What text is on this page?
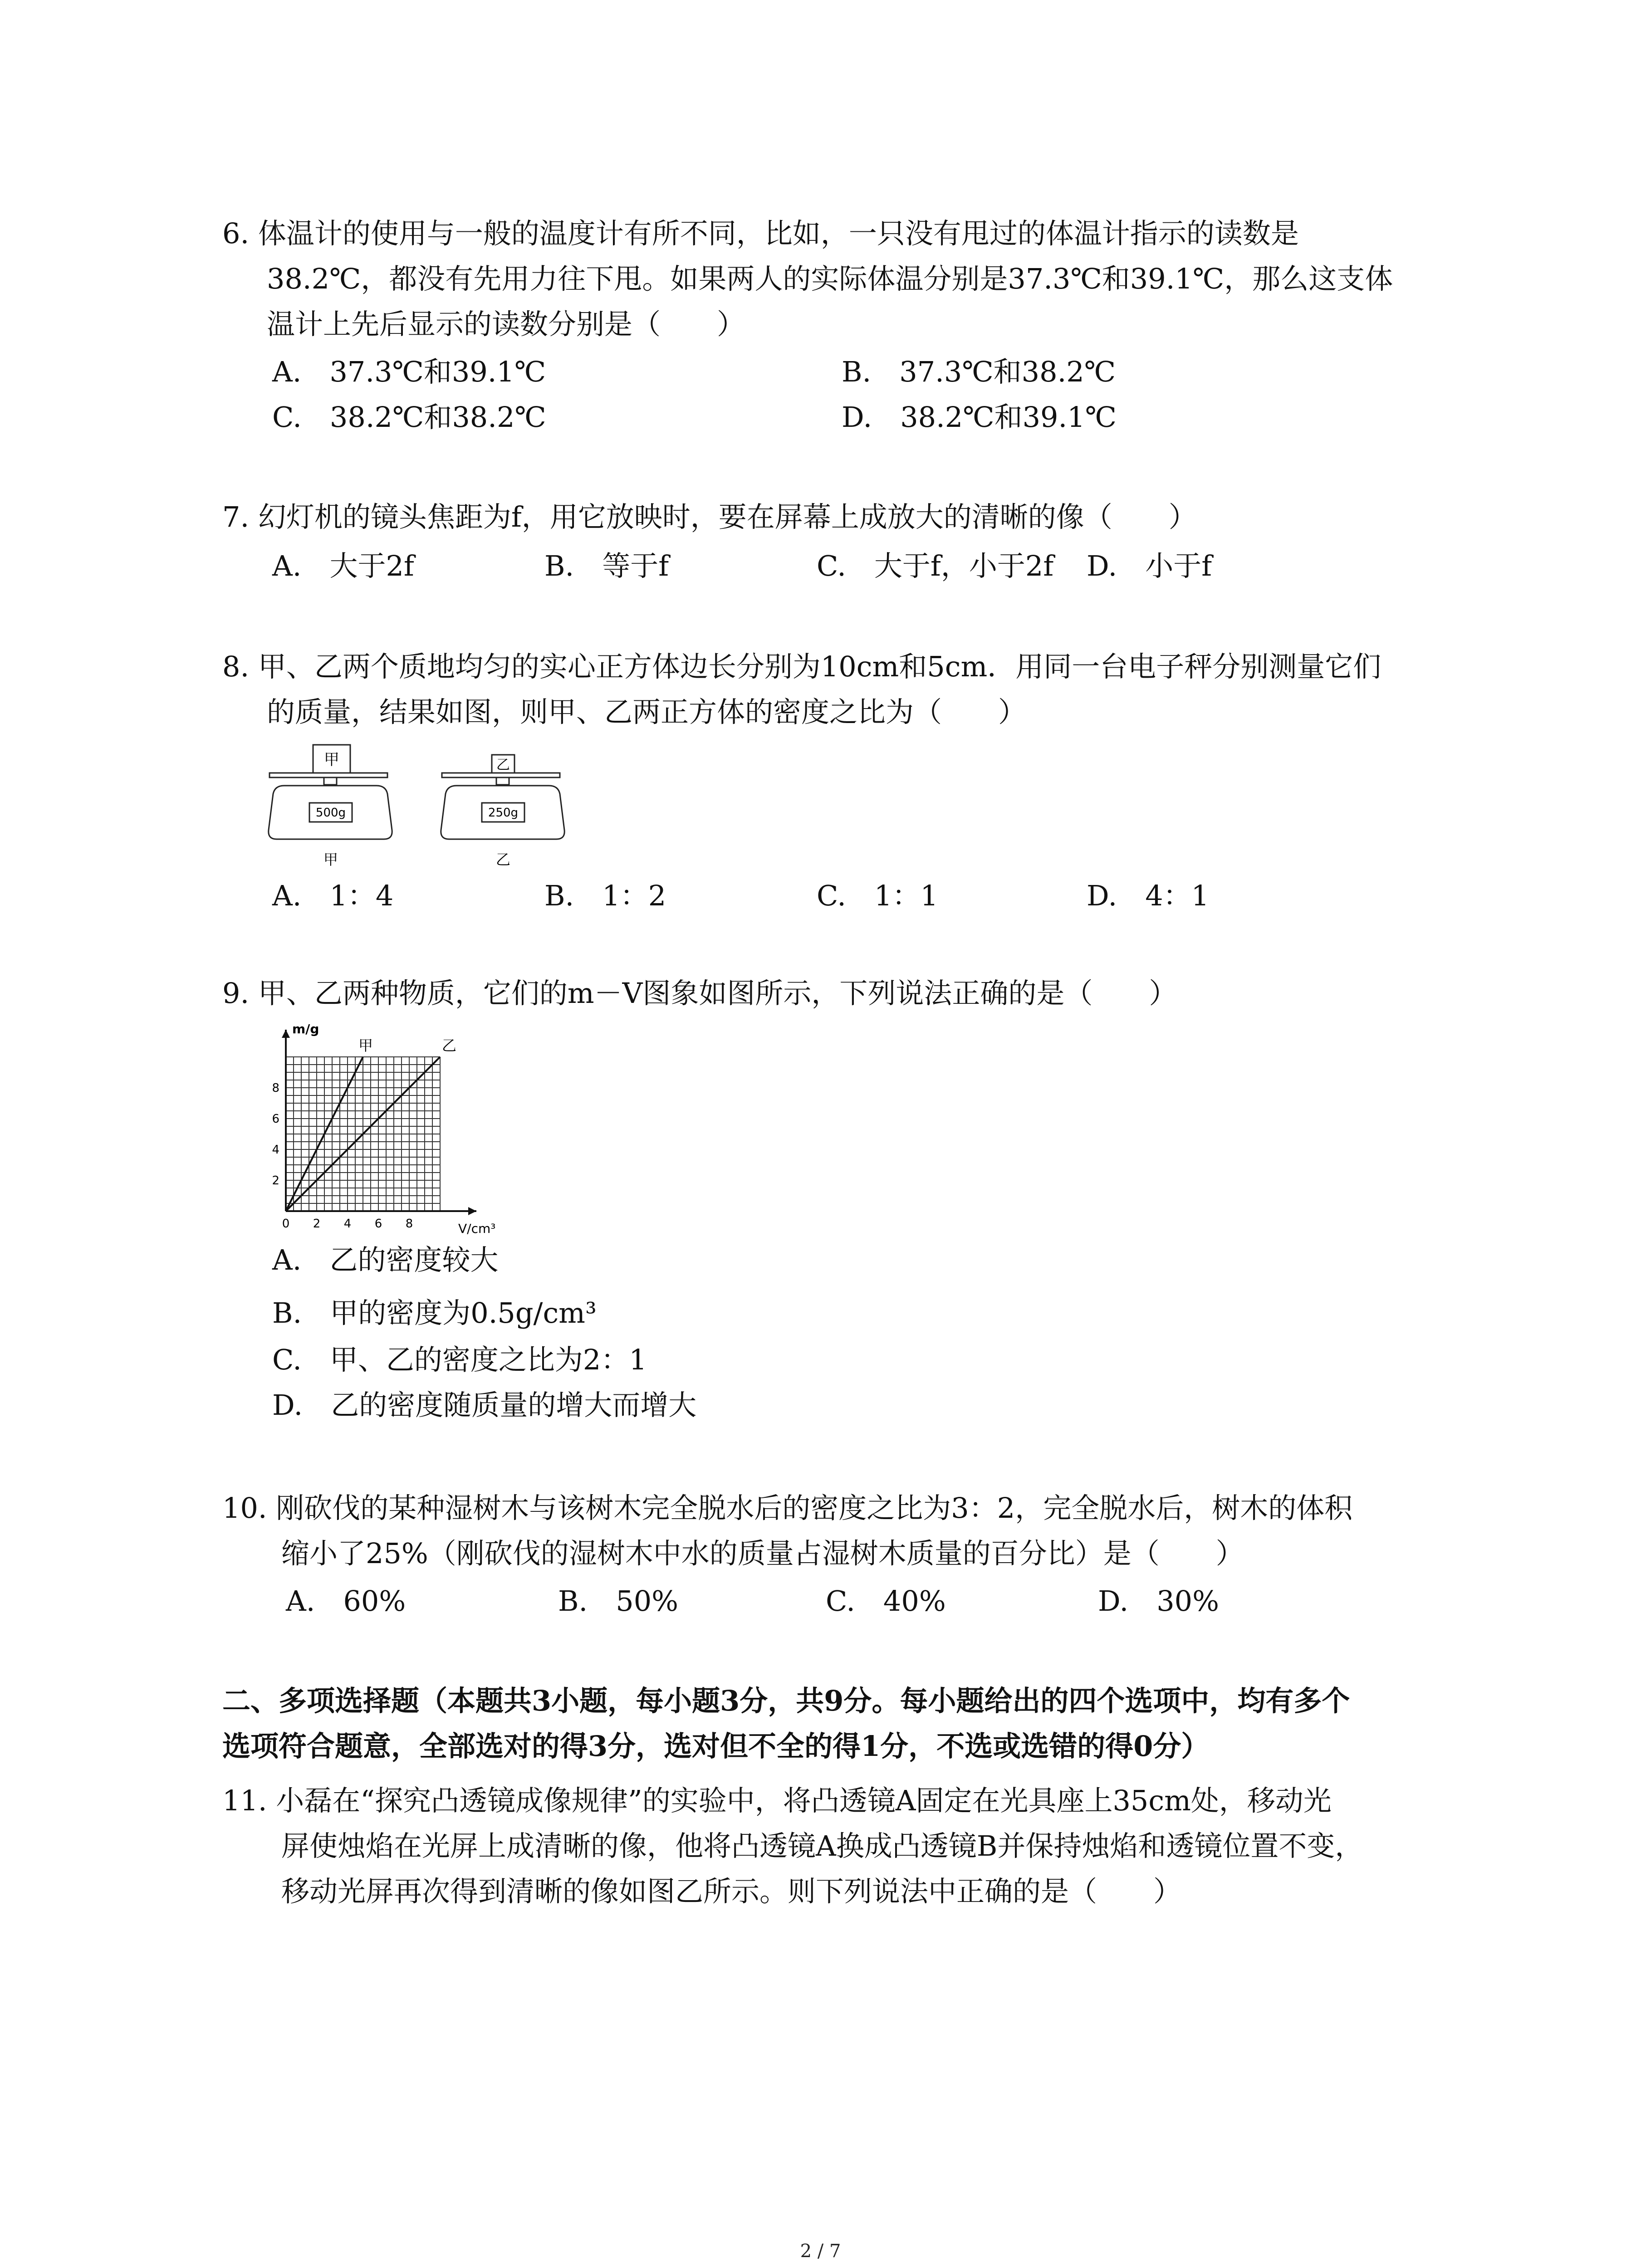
6. 体温计的使用与一般的温度计有所不同，比如，一只没有甩过的体温计指示的读数是
38.2℃，都没有先用力往下甩。如果两人的实际体温分别是37.3℃和39.1℃，那么这支体
温计上先后显示的读数分别是（　　）
A.　37.3℃和39.1℃	B.　37.3℃和38.2℃
C.　38.2℃和38.2℃	D.　38.2℃和39.1℃
7. 幻灯机的镜头焦距为f，用它放映时，要在屏幕上成放大的清晰的像（　　）
A.　大于2f	B.　等于f	C.　大于f，小于2f D.　小于f
8. 甲、乙两个质地均匀的实心正方体边长分别为10cm和5cm．用同一台电子秤分别测量它们
的质量，结果如图，则甲、乙两正方体的密度之比为（　　）
甲
500g
甲
乙
250g
乙
A.　1：4	B.　1：2	C.　1：1	D.　4：1
9. 甲、乙两种物质，它们的m－V图象如图所示，下列说法正确的是（　　）
甲	乙
0 2 4 6 8
2
4
6
8
m/g
V/cm³
A.　乙的密度较大
B.　甲的密度为0.5g/cm³
C.　甲、乙的密度之比为2：1
D.　乙的密度随质量的增大而增大
10. 刚砍伐的某种湿树木与该树木完全脱水后的密度之比为3：2，完全脱水后，树木的体积
缩小了25%（刚砍伐的湿树木中水的质量占湿树木质量的百分比）是（　　）
A.　60%	B.　50%	C.　40%	D.　30%
二、多项选择题（本题共3小题，每小题3分，共9分。每小题给出的四个选项中，均有多个
选项符合题意，全部选对的得3分，选对但不全的得1分，不选或选错的得0分）
11. 小磊在“探究凸透镜成像规律”的实验中，将凸透镜A固定在光具座上35cm处，移动光
屏使烛焰在光屏上成清晰的像，他将凸透镜A换成凸透镜B并保持烛焰和透镜位置不变，
移动光屏再次得到清晰的像如图乙所示。则下列说法中正确的是（　　）
2 / 7
